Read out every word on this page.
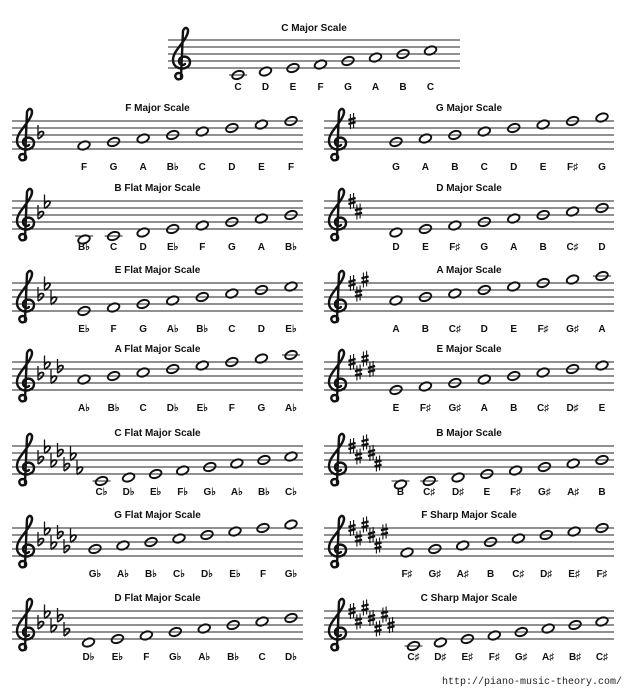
C Major Scale
C D E F G A B C
F Major Scale
F G A B♭ C D E F
G Major Scale
G A B C D E F♯ G
B Flat Major Scale
B♭ C D E♭ F G A B♭
D Major Scale
D E F♯ G A B C♯ D
E Flat Major Scale
E♭ F G A♭ B♭ C D E♭
A Major Scale
A B C♯ D E F♯ G♯ A
A Flat Major Scale
A♭ B♭ C D♭ E♭ F G A♭
E Major Scale
E F♯ G♯ A B C♯ D♯ E
C Flat Major Scale
C♭ D♭ E♭ F♭ G♭ A♭ B♭ C♭
B Major Scale
B C♯ D♯ E F♯ G♯ A♯ B
G Flat Major Scale
G♭ A♭ B♭ C♭ D♭ E♭ F G♭
F Sharp Major Scale
F♯ G♯ A♯ B C♯ D♯ E♯ F♯
D Flat Major Scale
D♭ E♭ F G♭ A♭ B♭ C D♭
C Sharp Major Scale
C♯ D♯ E♯ F♯ G♯ A♯ B♯ C♯
http://piano-music-theory.com/
